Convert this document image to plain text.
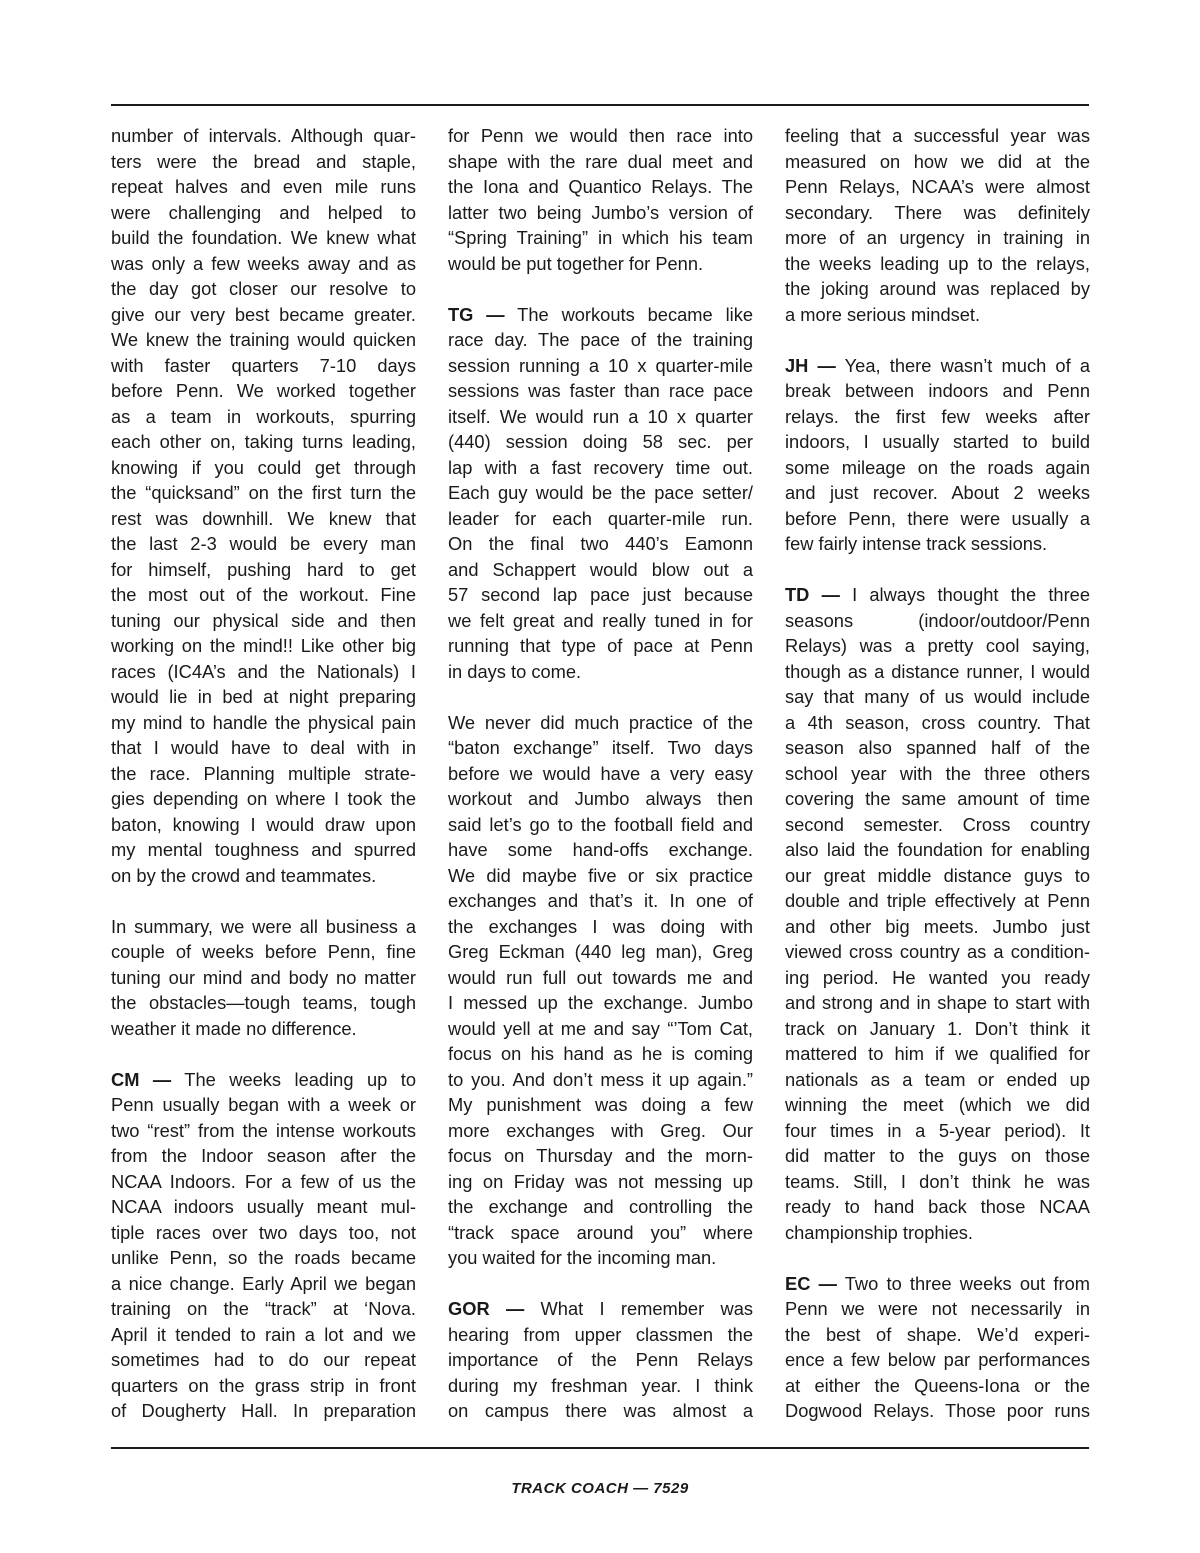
number of intervals. Although quar-
ters were the bread and staple,
repeat halves and even mile runs
were challenging and helped to
build the foundation. We knew what
was only a few weeks away and as
the day got closer our resolve to
give our very best became greater.
We knew the training would quicken
with faster quarters 7-10 days
before Penn. We worked together
as a team in workouts, spurring
each other on, taking turns leading,
knowing if you could get through
the “quicksand” on the first turn the
rest was downhill. We knew that
the last 2-3 would be every man
for himself, pushing hard to get
the most out of the workout. Fine
tuning our physical side and then
working on the mind!! Like other big
races (IC4A’s and the Nationals) I
would lie in bed at night preparing
my mind to handle the physical pain
that I would have to deal with in
the race. Planning multiple strate-
gies depending on where I took the
baton, knowing I would draw upon
my mental toughness and spurred
on by the crowd and teammates.
In summary, we were all business a
couple of weeks before Penn, fine
tuning our mind and body no matter
the obstacles—tough teams, tough
weather it made no difference.
CM — The weeks leading up to
Penn usually began with a week or
two “rest” from the intense workouts
from the Indoor season after the
NCAA Indoors. For a few of us the
NCAA indoors usually meant mul-
tiple races over two days too, not
unlike Penn, so the roads became
a nice change. Early April we began
training on the “track” at ‘Nova.
April it tended to rain a lot and we
sometimes had to do our repeat
quarters on the grass strip in front
of Dougherty Hall. In preparation
for Penn we would then race into
shape with the rare dual meet and
the Iona and Quantico Relays. The
latter two being Jumbo’s version of
“Spring Training” in which his team
would be put together for Penn.
TG — The workouts became like
race day. The pace of the training
session running a 10 x quarter-mile
sessions was faster than race pace
itself. We would run a 10 x quarter
(440) session doing 58 sec. per
lap with a fast recovery time out.
Each guy would be the pace setter/
leader for each quarter-mile run.
On the final two 440’s Eamonn
and Schappert would blow out a
57 second lap pace just because
we felt great and really tuned in for
running that type of pace at Penn
in days to come.
We never did much practice of the
“baton exchange” itself. Two days
before we would have a very easy
workout and Jumbo always then
said let’s go to the football field and
have some hand-offs exchange.
We did maybe five or six practice
exchanges and that’s it. In one of
the exchanges I was doing with
Greg Eckman (440 leg man), Greg
would run full out towards me and
I messed up the exchange. Jumbo
would yell at me and say “’Tom Cat,
focus on his hand as he is coming
to you. And don’t mess it up again.”
My punishment was doing a few
more exchanges with Greg. Our
focus on Thursday and the morn-
ing on Friday was not messing up
the exchange and controlling the
“track space around you” where
you waited for the incoming man.
GOR — What I remember was
hearing from upper classmen the
importance of the Penn Relays
during my freshman year. I think
on campus there was almost a
feeling that a successful year was
measured on how we did at the
Penn Relays, NCAA’s were almost
secondary. There was definitely
more of an urgency in training in
the weeks leading up to the relays,
the joking around was replaced by
a more serious mindset.
JH — Yea, there wasn’t much of a
break between indoors and Penn
relays. the first few weeks after
indoors, I usually started to build
some mileage on the roads again
and just recover. About 2 weeks
before Penn, there were usually a
few fairly intense track sessions.
TD — I always thought the three
seasons (indoor/outdoor/Penn
Relays) was a pretty cool saying,
though as a distance runner, I would
say that many of us would include
a 4th season, cross country. That
season also spanned half of the
school year with the three others
covering the same amount of time
second semester. Cross country
also laid the foundation for enabling
our great middle distance guys to
double and triple effectively at Penn
and other big meets. Jumbo just
viewed cross country as a condition-
ing period. He wanted you ready
and strong and in shape to start with
track on January 1. Don’t think it
mattered to him if we qualified for
nationals as a team or ended up
winning the meet (which we did
four times in a 5-year period). It
did matter to the guys on those
teams. Still, I don’t think he was
ready to hand back those NCAA
championship trophies.
EC — Two to three weeks out from
Penn we were not necessarily in
the best of shape. We’d experi-
ence a few below par performances
at either the Queens-Iona or the
Dogwood Relays. Those poor runs
TRACK COACH — 7529
